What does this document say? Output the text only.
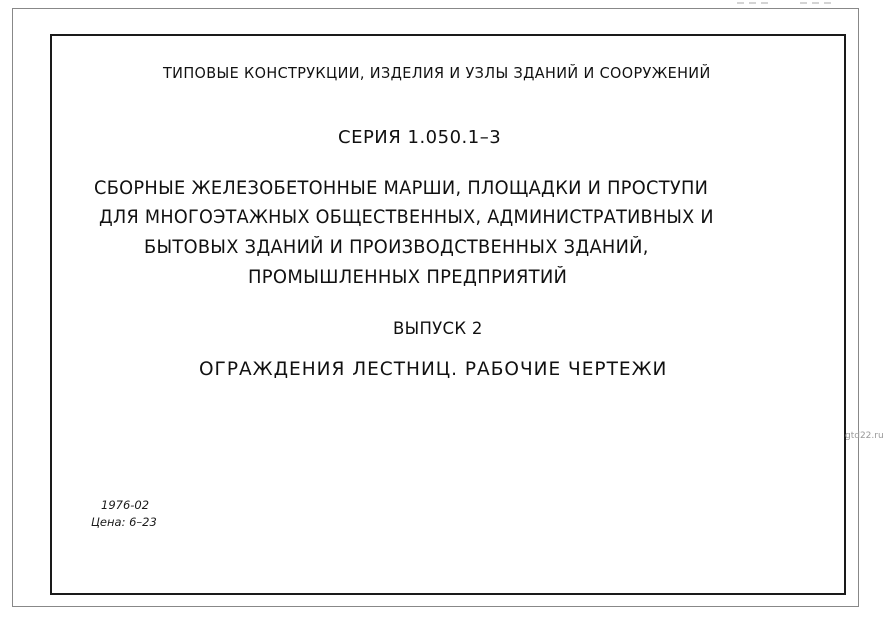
ТИПОВЫЕ КОНСТРУКЦИИ, ИЗДЕЛИЯ И УЗЛЫ ЗДАНИЙ И СООРУЖЕНИЙ
СЕРИЯ 1.050.1–3
СБОРНЫЕ ЖЕЛЕЗОБЕТОННЫЕ МАРШИ, ПЛОЩАДКИ И ПРОСТУПИ
ДЛЯ МНОГОЭТАЖНЫХ ОБЩЕСТВЕННЫХ, АДМИНИСТРАТИВНЫХ И
БЫТОВЫХ ЗДАНИЙ И ПРОИЗВОДСТВЕННЫХ ЗДАНИЙ,
ПРОМЫШЛЕННЫХ ПРЕДПРИЯТИЙ
ВЫПУСК 2
ОГРАЖДЕНИЯ ЛЕСТНИЦ. РАБОЧИЕ ЧЕРТЕЖИ
1976-02
Цена: 6–23
gtd22.ru
